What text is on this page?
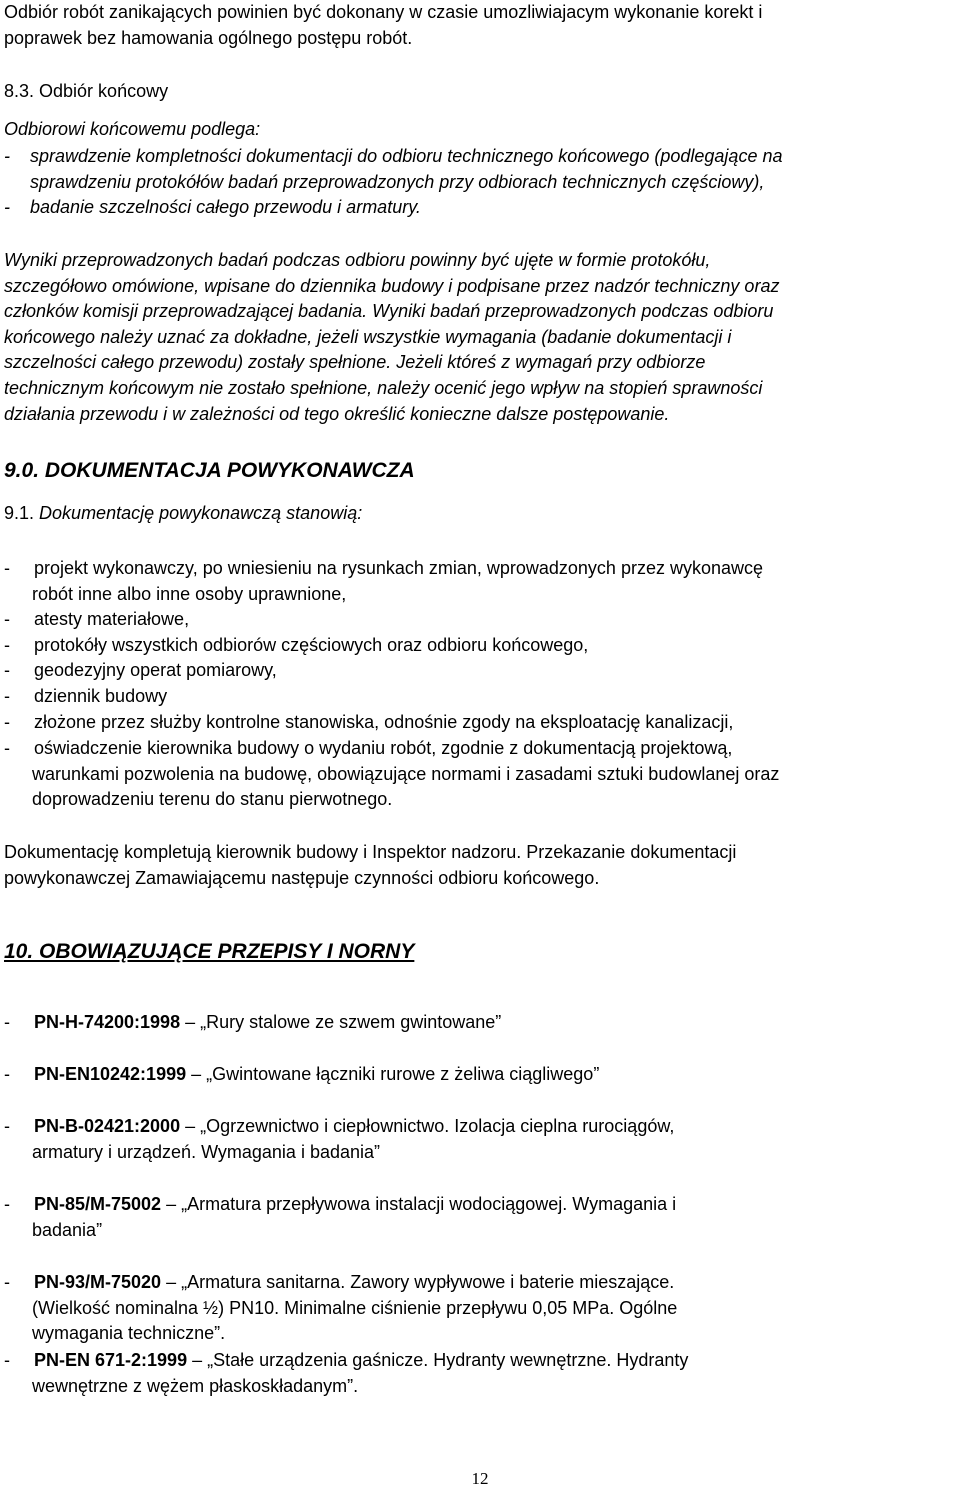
Odbiór robót zanikających powinien być dokonany w czasie umozliwiajacym wykonanie korekt i
poprawek bez hamowania ogólnego postępu robót.
8.3. Odbiór końcowy
Odbiorowi końcowemu podlega:
-	sprawdzenie kompletności dokumentacji do odbioru technicznego końcowego (podlegające na
sprawdzeniu protokółów badań przeprowadzonych przy odbiorach technicznych częściowy),
-	badanie szczelności całego przewodu i armatury.
Wyniki przeprowadzonych badań podczas odbioru powinny być ujęte w formie protokółu,
szczegółowo omówione, wpisane do dziennika budowy i podpisane przez nadzór techniczny oraz
członków komisji przeprowadzającej badania. Wyniki badań przeprowadzonych podczas odbioru
końcowego należy uznać za dokładne, jeżeli wszystkie wymagania (badanie dokumentacji i
szczelności całego przewodu) zostały spełnione. Jeżeli któreś z wymagań przy odbiorze
technicznym końcowym nie zostało spełnione, należy ocenić jego wpływ na stopień sprawności
działania przewodu i w zależności od tego określić konieczne dalsze postępowanie.
9.0. DOKUMENTACJA POWYKONAWCZA
9.1. Dokumentację powykonawczą stanowią:
-	projekt wykonawczy, po wniesieniu na rysunkach zmian, wprowadzonych przez wykonawcę
robót inne albo inne osoby uprawnione,
-	atesty materiałowe,
-	protokóły wszystkich odbiorów częściowych oraz odbioru końcowego,
-	geodezyjny operat pomiarowy,
-	dziennik budowy
-	złożone przez służby kontrolne stanowiska, odnośnie zgody na eksploatację kanalizacji,
-	oświadczenie kierownika budowy o wydaniu robót, zgodnie z dokumentacją projektową,
warunkami pozwolenia na budowę, obowiązujące normami i zasadami sztuki budowlanej oraz
doprowadzeniu terenu do stanu pierwotnego.
Dokumentację kompletują kierownik budowy i Inspektor nadzoru. Przekazanie dokumentacji
powykonawczej Zamawiającemu następuje czynności odbioru końcowego.
10. OBOWIĄZUJĄCE PRZEPISY I NORNY
-	PN-H-74200:1998 – „Rury stalowe ze szwem gwintowane”
-	PN-EN10242:1999 – „Gwintowane łączniki rurowe z żeliwa ciągliwego”
-	PN-B-02421:2000 – „Ogrzewnictwo i ciepłownictwo. Izolacja cieplna rurociągów,
armatury i urządzeń. Wymagania i badania”
-	PN-85/M-75002 – „Armatura przepływowa instalacji wodociągowej. Wymagania i
badania”
-	PN-93/M-75020 – „Armatura sanitarna. Zawory wypływowe i baterie mieszające.
(Wielkość nominalna ½) PN10. Minimalne ciśnienie przepływu 0,05 MPa. Ogólne
wymagania techniczne”.
-	PN-EN 671-2:1999 – „Stałe urządzenia gaśnicze. Hydranty wewnętrzne. Hydranty
wewnętrzne z wężem płaskoskładanym”.
12
